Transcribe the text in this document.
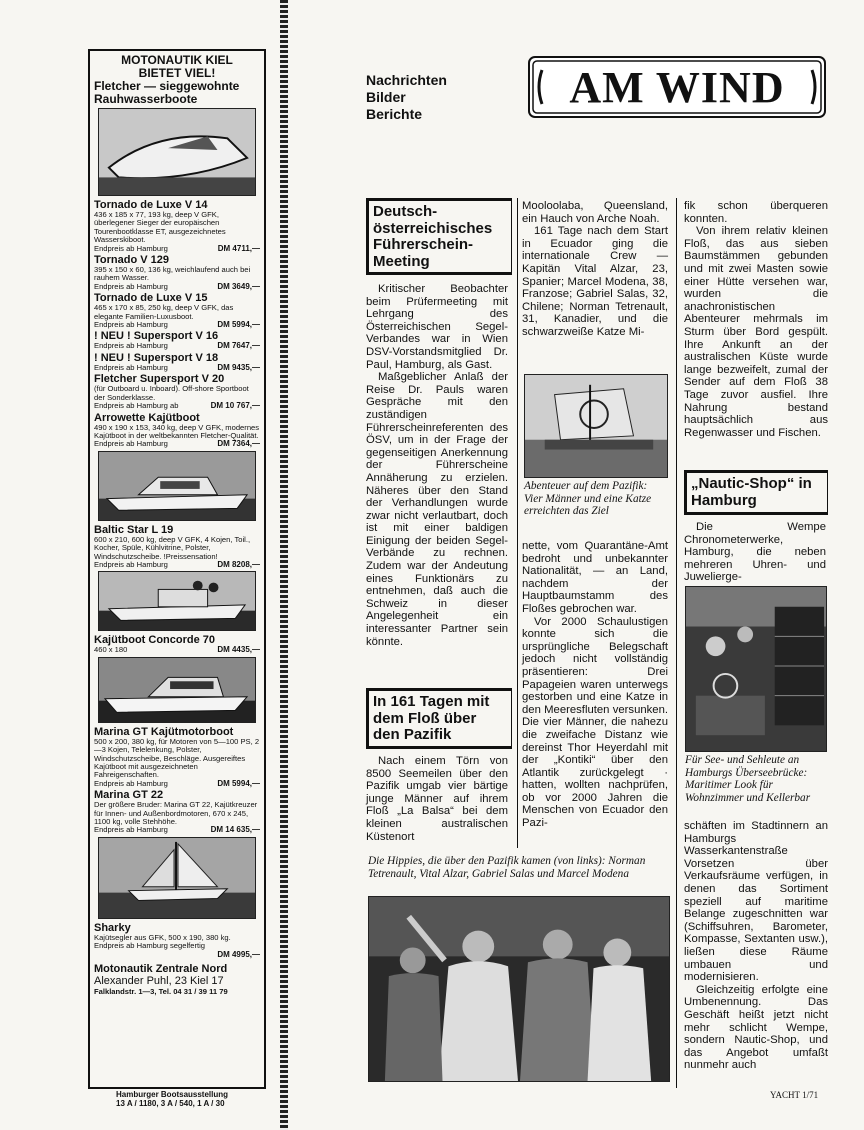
MOTONAUTIK KIEL
BIETET VIEL!
Fletcher — sieggewohnte Rauhwasserboote
Tornado de Luxe V 14
436 x 185 x 77, 193 kg, deep V GFK, überlegener Sieger der europäischen Tourenbootklasse ET, ausgezeichnetes Wasserskiboot.
Endpreis ab Hamburg	DM 4711,—
Tornado V 129
395 x 150 x 60, 136 kg, weichlaufend auch bei rauhem Wasser.
Endpreis ab Hamburg	DM 3649,—
Tornado de Luxe V 15
465 x 170 x 85, 250 kg, deep V GFK, das elegante Familien-Luxusboot.
Endpreis ab Hamburg	DM 5994,—
! NEU ! Supersport V 16
Endpreis ab Hamburg	DM 7647,—
! NEU ! Supersport V 18
Endpreis ab Hamburg	DM 9435,—
Fletcher Supersport V 20
(für Outboard u. Inboard). Off-shore Sportboot der Sonderklasse.
Endpreis ab Hamburg ab	DM 10 767,—
Arrowette Kajütboot
490 x 190 x 153, 340 kg, deep V GFK, modernes Kajütboot in der weltbekannten Fletcher-Qualität.
Endpreis ab Hamburg	DM 7364,—
Baltic Star L 19
600 x 210, 600 kg, deep V GFK, 4 Kojen, Toil., Kocher, Spüle, Kühlvitrine, Polster, Windschutzscheibe. !Preissensation!
Endpreis ab Hamburg	DM 8208,—
Kajütboot Concorde 70
460 x 180	DM 4435,—
Marina GT Kajütmotorboot
500 x 200, 380 kg, für Motoren von 5—100 PS, 2—3 Kojen, Telelenkung, Polster, Windschutzscheibe, Beschläge. Ausgereiftes Kajütboot mit ausgezeichneten Fahreigenschaften.
Endpreis ab Hamburg	DM 5994,—
Marina GT 22
Der größere Bruder: Marina GT 22, Kajütkreuzer für Innen- und Außenbordmotoren, 670 x 245, 1100 kg, volle Stehhöhe.
Endpreis ab Hamburg	DM 14 635,—
Sharky
Kajütsegler aus GFK, 500 x 190, 380 kg. Endpreis ab Hamburg segelfertig
DM 4995,—
Motonautik Zentrale Nord
Alexander Puhl, 23 Kiel 17
Falklandstr. 1—3, Tel. 04 31 / 39 11 79
Hamburger Bootsausstellung
13 A / 1180, 3 A / 540, 1 A / 30
Nachrichten
Bilder
Berichte
AM WIND
Deutsch-österreichisches Führerschein-Meeting

Kritischer Beobachter beim Prüfermeeting mit Lehrgang des Österreichischen Segel-Verbandes war in Wien DSV-Vorstandsmitglied Dr. Paul, Hamburg, als Gast.

Maßgeblicher Anlaß der Reise Dr. Pauls waren Gespräche mit den zuständigen Führerscheinreferenten des ÖSV, um in der Frage der gegenseitigen Anerkennung der Führerscheine Annäherung zu erzielen. Näheres über den Stand der Verhandlungen wurde zwar nicht verlautbart, doch ist mit einer baldigen Einigung der beiden Segel-Verbände zu rechnen. Zudem war der Andeutung eines Funktionärs zu entnehmen, daß auch die Schweiz in dieser Angelegenheit ein interessanter Partner sein könnte.

In 161 Tagen mit dem Floß über den Pazifik

Nach einem Törn von 8500 Seemeilen über den Pazifik umgab vier bärtige junge Männer auf ihrem Floß „La Balsa“ bei dem kleinen australischen Küstenort

Mooloolaba, Queensland, ein Hauch von Arche Noah.

161 Tage nach dem Start in Ecuador ging die internationale Crew — Kapitän Vital Alzar, 23, Spanier; Marcel Modena, 38, Franzose; Gabriel Salas, 32, Chilene; Norman Tetrenault, 31, Kanadier, und die schwarzweiße Katze Mi-

Abenteuer auf dem Pazifik: Vier Männer und eine Katze erreichten das Ziel

nette, vom Quarantäne-Amt bedroht und unbekannter Nationalität, — an Land, nachdem der Hauptbaumstamm des Floßes gebrochen war.

Vor 2000 Schaulustigen konnte sich die ursprüngliche Belegschaft jedoch nicht vollständig präsentieren: Drei Papageien waren unterwegs gestorben und eine Katze in den Meeresfluten versunken. Die vier Männer, die nahezu die zweifache Distanz wie dereinst Thor Heyerdahl mit der „Kontiki“ über den Atlantik zurückgelegt · hatten, wollten nachprüfen, ob vor 2000 Jahren die Menschen von Ecuador den Pazi-

Die Hippies, die über den Pazifik kamen (von links): Norman Tetrenault, Vital Alzar, Gabriel Salas und Marcel Modena

fik schon überqueren konnten.

Von ihrem relativ kleinen Floß, das aus sieben Baumstämmen gebunden und mit zwei Masten sowie einer Hütte versehen war, wurden die anachronistischen Abenteurer mehrmals im Sturm über Bord gespült. Ihre Ankunft an der australischen Küste wurde lange bezweifelt, zumal der Sender auf dem Floß 38 Tage zuvor ausfiel. Ihre Nahrung bestand hauptsächlich aus Regenwasser und Fischen.

„Nautic-Shop“ in Hamburg

Die Wempe Chronometerwerke, Hamburg, die neben mehreren Uhren- und Juwelierge-

Für See- und Sehleute an Hamburgs Überseebrücke: Maritimer Look für Wohnzimmer und Kellerbar

schäften im Stadtinnern an Hamburgs Wasserkantenstraße Vorsetzen über Verkaufsräume verfügen, in denen das Sortiment speziell auf maritime Belange zugeschnitten war (Schiffsuhren, Barometer, Kompasse, Sextanten usw.), ließen diese Räume umbauen und modernisieren.

Gleichzeitig erfolgte eine Umbenennung. Das Geschäft heißt jetzt nicht mehr schlicht Wempe, sondern Nautic-Shop, und das Angebot umfaßt nunmehr auch

YACHT 1/71
